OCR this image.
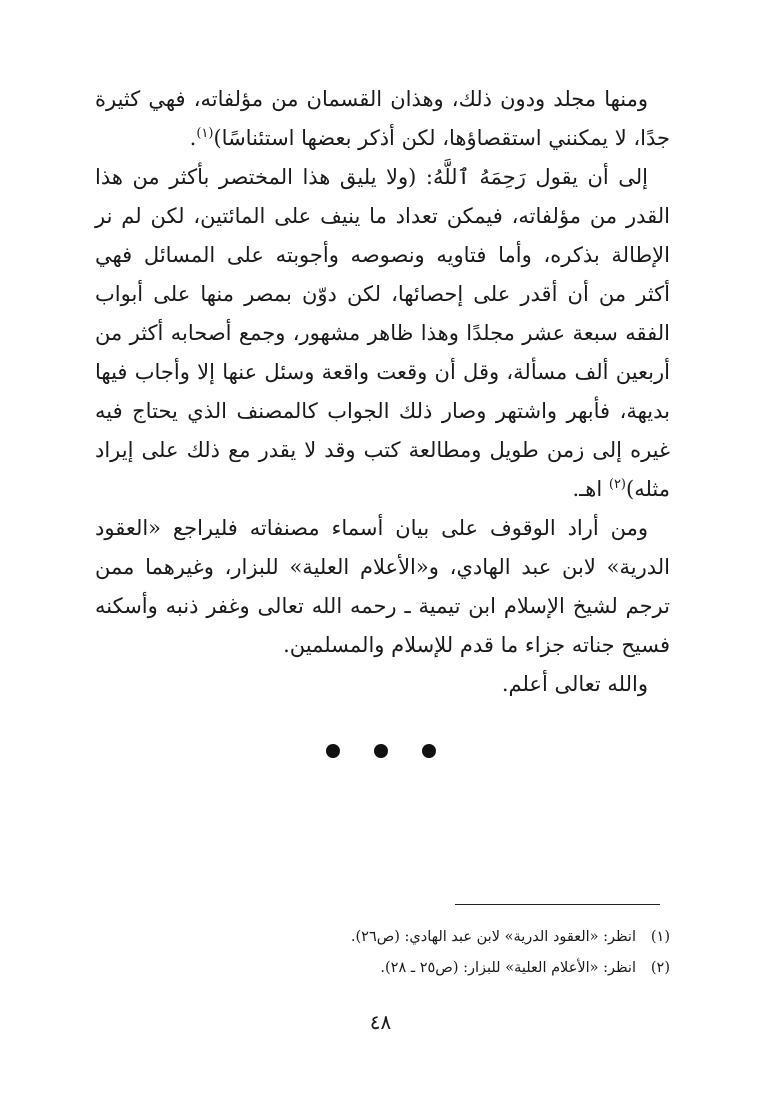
ومنها مجلد ودون ذلك، وهذان القسمان من مؤلفاته، فهي كثيرة جدًا، لا يمكنني استقصاؤها، لكن أذكر بعضها استئناسًا)$^{(١)}$.

إلى أن يقول رَحِمَهُ ٱللَّهُ: (ولا يليق هذا المختصر بأكثر من هذا القدر من مؤلفاته، فيمكن تعداد ما ينيف على المائتين، لكن لم نر الإطالة بذكره، وأما فتاويه ونصوصه وأجوبته على المسائل فهي أكثر من أن أقدر على إحصائها، لكن دوّن بمصر منها على أبواب الفقه سبعة عشر مجلدًا وهذا ظاهر مشهور، وجمع أصحابه أكثر من أربعين ألف مسألة، وقل أن وقعت واقعة وسئل عنها إلا وأجاب فيها بديهة، فأبهر واشتهر وصار ذلك الجواب كالمصنف الذي يحتاج فيه غيره إلى زمن طويل ومطالعة كتب وقد لا يقدر مع ذلك على إيراد مثله)$^{(٢)}$ اهـ.

ومن أراد الوقوف على بيان أسماء مصنفاته فليراجع «العقود الدرية» لابن عبد الهادي، و«الأعلام العلية» للبزار، وغيرهما ممن ترجم لشيخ الإسلام ابن تيمية ـ رحمه الله تعالى وغفر ذنبه وأسكنه فسيح جناته جزاء ما قدم للإسلام والمسلمين.

والله تعالى أعلم.

(١)انظر: «العقود الدرية» لابن عبد الهادي: (ص٢٦).

(٢)انظر: «الأعلام العلية» للبزار: (ص٢٥ ـ ٢٨).

٤٨
